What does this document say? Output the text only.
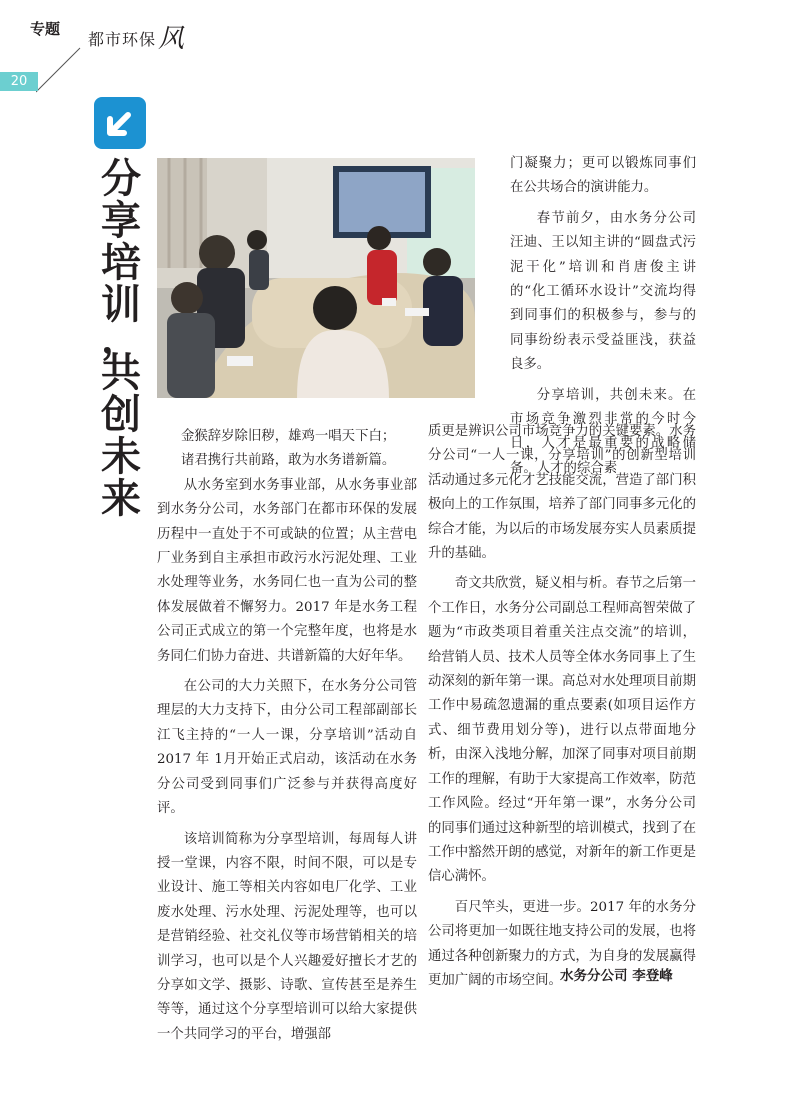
专题
都市环保风
20
分
享
培
训
，
共
创
未
来

金猴辞岁除旧秽，雄鸡一唱天下白；

诸君携行共前路，敢为水务谱新篇。

从水务室到水务事业部，从水务事业部到水务分公司，水务部门在都市环保的发展历程中一直处于不可或缺的位置；从主营电厂业务到自主承担市政污水污泥处理、工业水处理等业务，水务同仁也一直为公司的整体发展做着不懈努力。2017 年是水务工程公司正式成立的第一个完整年度，也将是水务同仁们协力奋进、共谱新篇的大好年华。

在公司的大力关照下，在水务分公司管理层的大力支持下，由分公司工程部副部长江飞主持的“一人一课，分享培训”活动自 2017 年 1月开始正式启动，该活动在水务分公司受到同事们广泛参与并获得高度好评。

该培训简称为分享型培训，每周每人讲授一堂课，内容不限，时间不限，可以是专业设计、施工等相关内容如电厂化学、工业废水处理、污水处理、污泥处理等，也可以是营销经验、社交礼仪等市场营销相关的培训学习，也可以是个人兴趣爱好擅长才艺的分享如文学、摄影、诗歌、宣传甚至是养生等等，通过这个分享型培训可以给大家提供一个共同学习的平台，增强部

门凝聚力；更可以锻炼同事们在公共场合的演讲能力。

春节前夕，由水务分公司汪迪、王以知主讲的“圆盘式污泥干化”培训和肖唐俊主讲的“化工循环水设计”交流均得到同事们的积极参与，参与的同事纷纷表示受益匪浅，获益良多。

分享培训，共创未来。在市场竞争激烈非常的今时今日，人才是最重要的战略储备。人才的综合素

质更是辨识公司市场竞争力的关键要素。水务分公司“一人一课，分享培训”的创新型培训活动通过多元化才艺技能交流，营造了部门积极向上的工作氛围，培养了部门同事多元化的综合才能，为以后的市场发展夯实人员素质提升的基础。

奇文共欣赏，疑义相与析。春节之后第一个工作日，水务分公司副总工程师高智荣做了题为“市政类项目着重关注点交流”的培训，给营销人员、技术人员等全体水务同事上了生动深刻的新年第一课。高总对水处理项目前期工作中易疏忽遗漏的重点要素(如项目运作方式、细节费用划分等)，进行以点带面地分析，由深入浅地分解，加深了同事对项目前期工作的理解，有助于大家提高工作效率，防范工作风险。经过“开年第一课”，水务分公司的同事们通过这种新型的培训模式，找到了在工作中豁然开朗的感觉，对新年的新工作更是信心满怀。

百尺竿头，更进一步。2017 年的水务分公司将更加一如既往地支持公司的发展，也将通过各种创新聚力的方式，为自身的发展赢得更加广阔的市场空间。

水务分公司 李登峰
